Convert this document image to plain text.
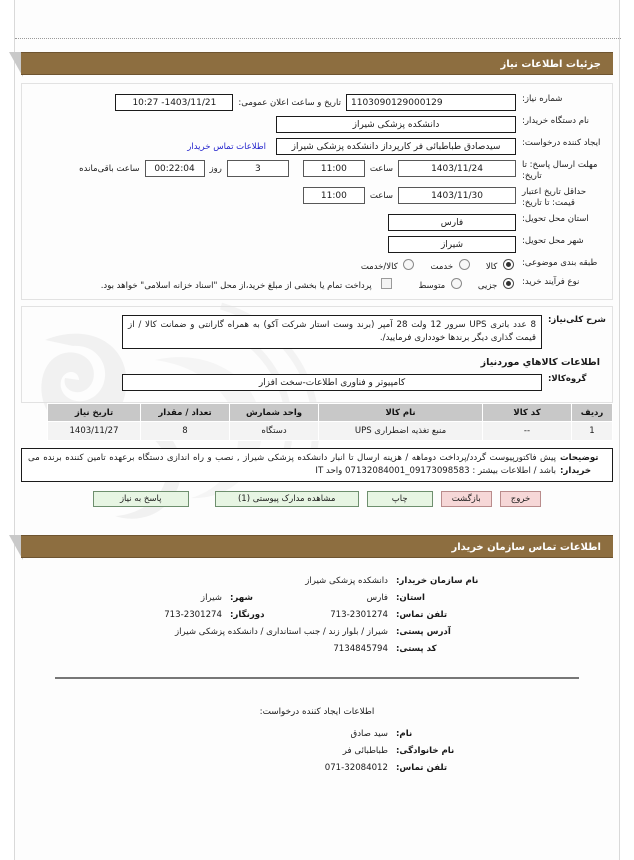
جزئیات اطلاعات نیاز
شماره نیاز:
1103090129000129
تاریخ و ساعت اعلان عمومی:
1403/11/21- 10:27
نام دستگاه خریدار:
دانشکده پزشکی شیراز
ایجاد کننده درخواست:
سیدصادق طباطبائی فر کارپرداز دانشکده پزشکی شیراز
اطلاعات تماس خریدار
مهلت ارسال پاسخ: تا تاریخ:
1403/11/24
ساعت
11:00
3
روز
00:22:04
ساعت باقی‌مانده
حداقل تاریخ اعتبار قیمت: تا تاریخ:
1403/11/30
ساعت
11:00
استان محل تحویل:
فارس
شهر محل تحویل:
شیراز
طبقه بندی موضوعی:
کالا
خدمت
کالا/خدمت
نوع فرآیند خرید:
جزیی
متوسط
پرداخت تمام یا بخشی از مبلغ خرید،از محل "اسناد خزانه اسلامی" خواهد بود.
شرح کلی‌نیاز:
8 عدد باتری UPS سرور 12 ولت 28 آمپر (برند وست استار شرکت آکو) به همراه گارانتی و ضمانت کالا / از قیمت گذاری دیگر برندها خودداری فرمایید/.
اطلاعات کالاهاي موردنیاز
گروه‌کالا:
کامپیوتر و فناوری اطلاعات-سخت افزار
ردیف	کد کالا	نام کالا	واحد شمارش	تعداد / مقدار	تاریخ نیاز
1	--	منبع تغذیه اضطراری UPS	دستگاه	8	1403/11/27
توضیحات خریدار:
پیش فاکتورپیوست گردد/پرداخت دوماهه / هزینه ارسال تا انبار دانشکده پزشکی شیراز , نصب و راه اندازی دستگاه برعهده تامین کننده برنده می باشد / اطلاعات بیشتر : 09173098583_07132084001 واحد IT
خروج
بازگشت
چاپ
مشاهده مدارک پیوستی (1)
پاسخ به نیاز
اطلاعات تماس سازمان خریدار
نام سازمان خریدار:
دانشکده پزشکی شیراز
استان:
فارس
شهر:
شیراز
تلفن تماس:
713-2301274
دورنگار:
713-2301274
آدرس پستی:
شیراز / بلوار زند / جنب استانداری / دانشکده پزشکی شیراز
کد پستی:
7134845794
اطلاعات ایجاد کننده درخواست:
نام:
سید صادق
نام خانوادگی:
طباطبائی فر
تلفن تماس:
071-32084012
